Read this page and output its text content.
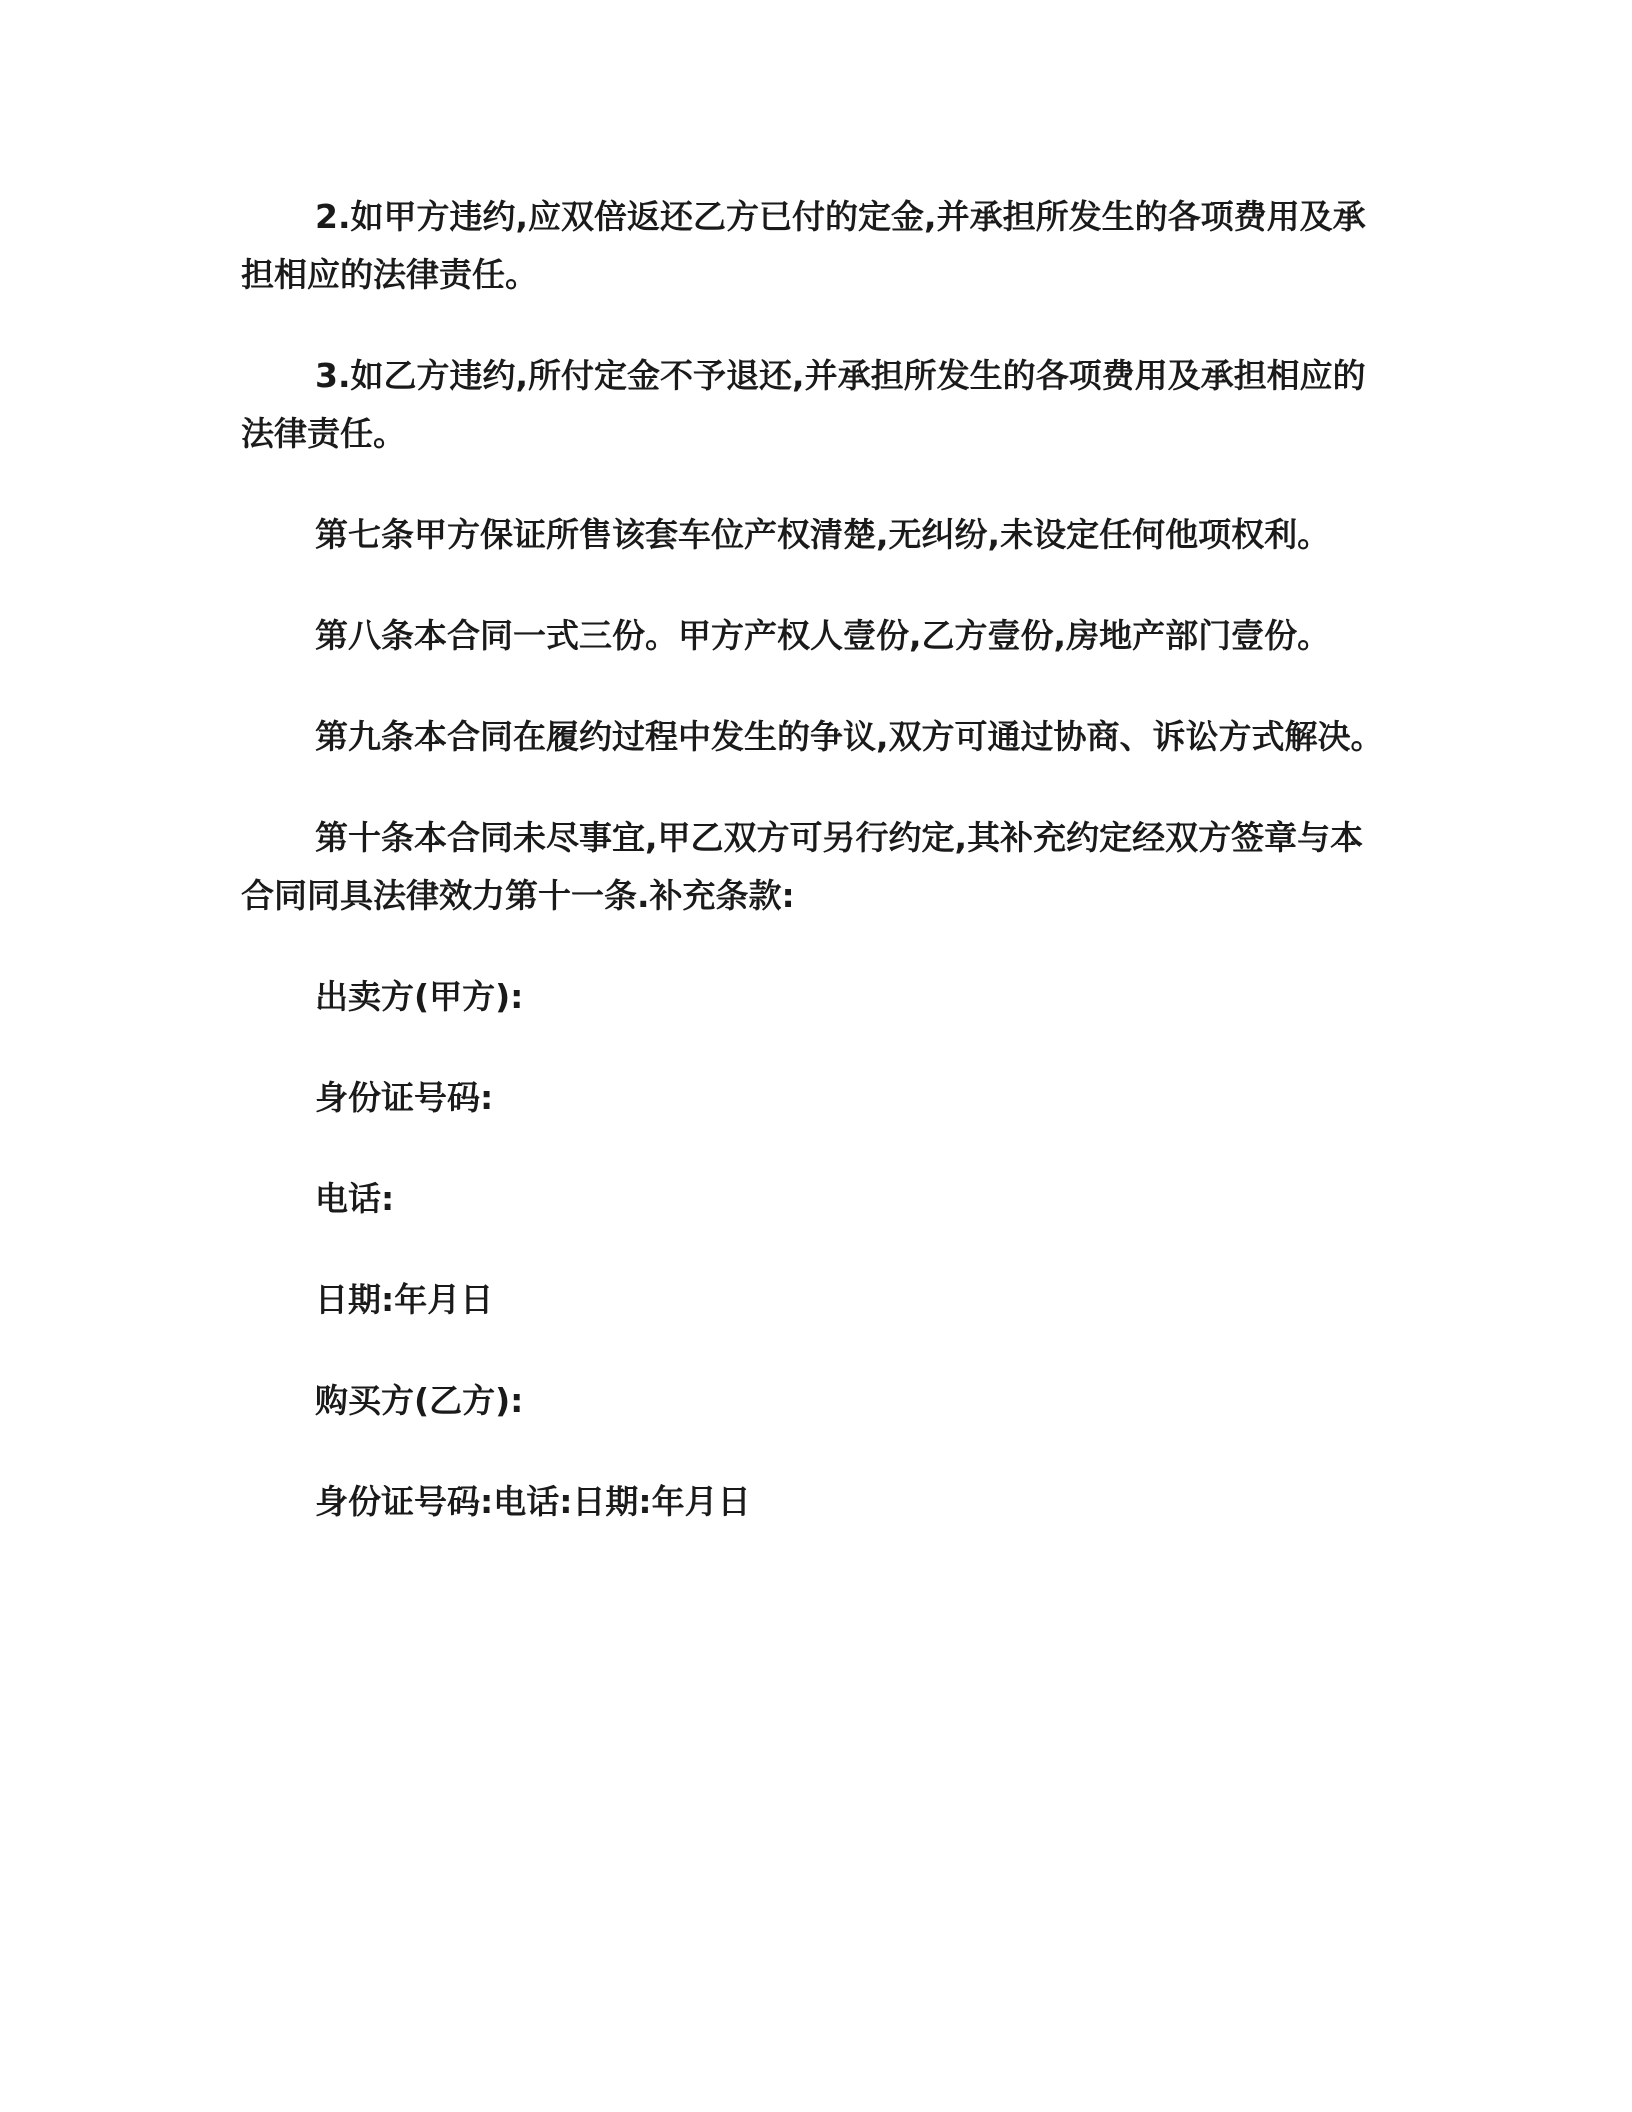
2.如甲方违约,应双倍返还乙方已付的定金,并承担所发生的各项费用及承担相应的法律责任。

3.如乙方违约,所付定金不予退还,并承担所发生的各项费用及承担相应的法律责任。

第七条甲方保证所售该套车位产权清楚,无纠纷,未设定任何他项权利。

第八条本合同一式三份。甲方产权人壹份,乙方壹份,房地产部门壹份。

第九条本合同在履约过程中发生的争议,双方可通过协商、诉讼方式解决。

第十条本合同未尽事宜,甲乙双方可另行约定,其补充约定经双方签章与本合同同具法律效力第十一条.补充条款:

出卖方(甲方):

身份证号码:

电话:

日期:年月日

购买方(乙方):

身份证号码:电话:日期:年月日
